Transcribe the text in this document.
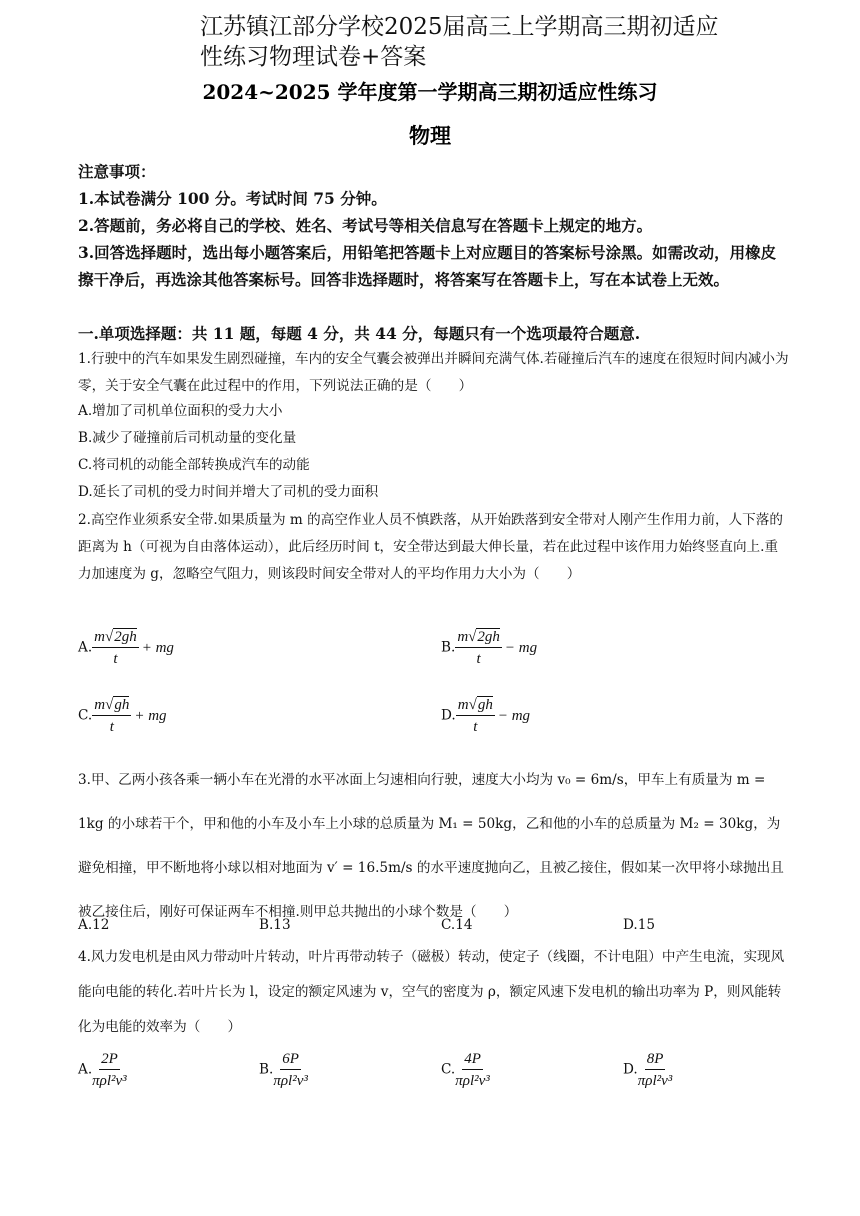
江苏镇江部分学校2025届高三上学期高三期初适应
性练习物理试卷+答案
2024~2025 学年度第一学期高三期初适应性练习
物理
注意事项：
1.本试卷满分 100 分。考试时间 75 分钟。
2.答题前，务必将自己的学校、姓名、考试号等相关信息写在答题卡上规定的地方。
3.回答选择题时，选出每小题答案后，用铅笔把答题卡上对应题目的答案标号涂黑。如需改动，用橡皮擦干净后，再选涂其他答案标号。回答非选择题时，将答案写在答题卡上，写在本试卷上无效。
一.单项选择题：共 11 题，每题 4 分，共 44 分，每题只有一个选项最符合题意.
1.行驶中的汽车如果发生剧烈碰撞，车内的安全气囊会被弹出并瞬间充满气体.若碰撞后汽车的速度在很短时间内减小为零，关于安全气囊在此过程中的作用，下列说法正确的是（　　）
A.增加了司机单位面积的受力大小
B.减少了碰撞前后司机动量的变化量
C.将司机的动能全部转换成汽车的动能
D.延长了司机的受力时间并增大了司机的受力面积
2.高空作业须系安全带.如果质量为 m 的高空作业人员不慎跌落，从开始跌落到安全带对人刚产生作用力前，人下落的距离为 h（可视为自由落体运动），此后经历时间 t，安全带达到最大伸长量，若在此过程中该作用力始终竖直向上.重力加速度为 g，忽略空气阻力，则该段时间安全带对人的平均作用力大小为（　　）
A. $\frac{m√2gh}{t}$ + mg	B. $\frac{m√2gh}{t}$ − mg
C. $\frac{m√gh}{t}$ + mg	D. $\frac{m√gh}{t}$ − mg
3.甲、乙两小孩各乘一辆小车在光滑的水平冰面上匀速相向行驶，速度大小均为 v₀ = 6m/s，甲车上有质量为 m = 1kg 的小球若干个，甲和他的小车及小车上小球的总质量为 M₁ = 50kg，乙和他的小车的总质量为 M₂ = 30kg，为避免相撞，甲不断地将小球以相对地面为 v′ = 16.5m/s 的水平速度抛向乙，且被乙接住，假如某一次甲将小球抛出且被乙接住后，刚好可保证两车不相撞.则甲总共抛出的小球个数是（　　）
A.12	B.13	C.14	D.15
4.风力发电机是由风力带动叶片转动，叶片再带动转子（磁极）转动，使定子（线圈，不计电阻）中产生电流，实现风能向电能的转化.若叶片长为 l，设定的额定风速为 v，空气的密度为 ρ，额定风速下发电机的输出功率为 P，则风能转化为电能的效率为（　　）
A. $\frac{2P}{\text{πρl²v³}}$	B. $\frac{6P}{\text{πρl²v³}}$	C. $\frac{4P}{\text{πρl²v³}}$	D. $\frac{8P}{\text{πρl²v³}}$
